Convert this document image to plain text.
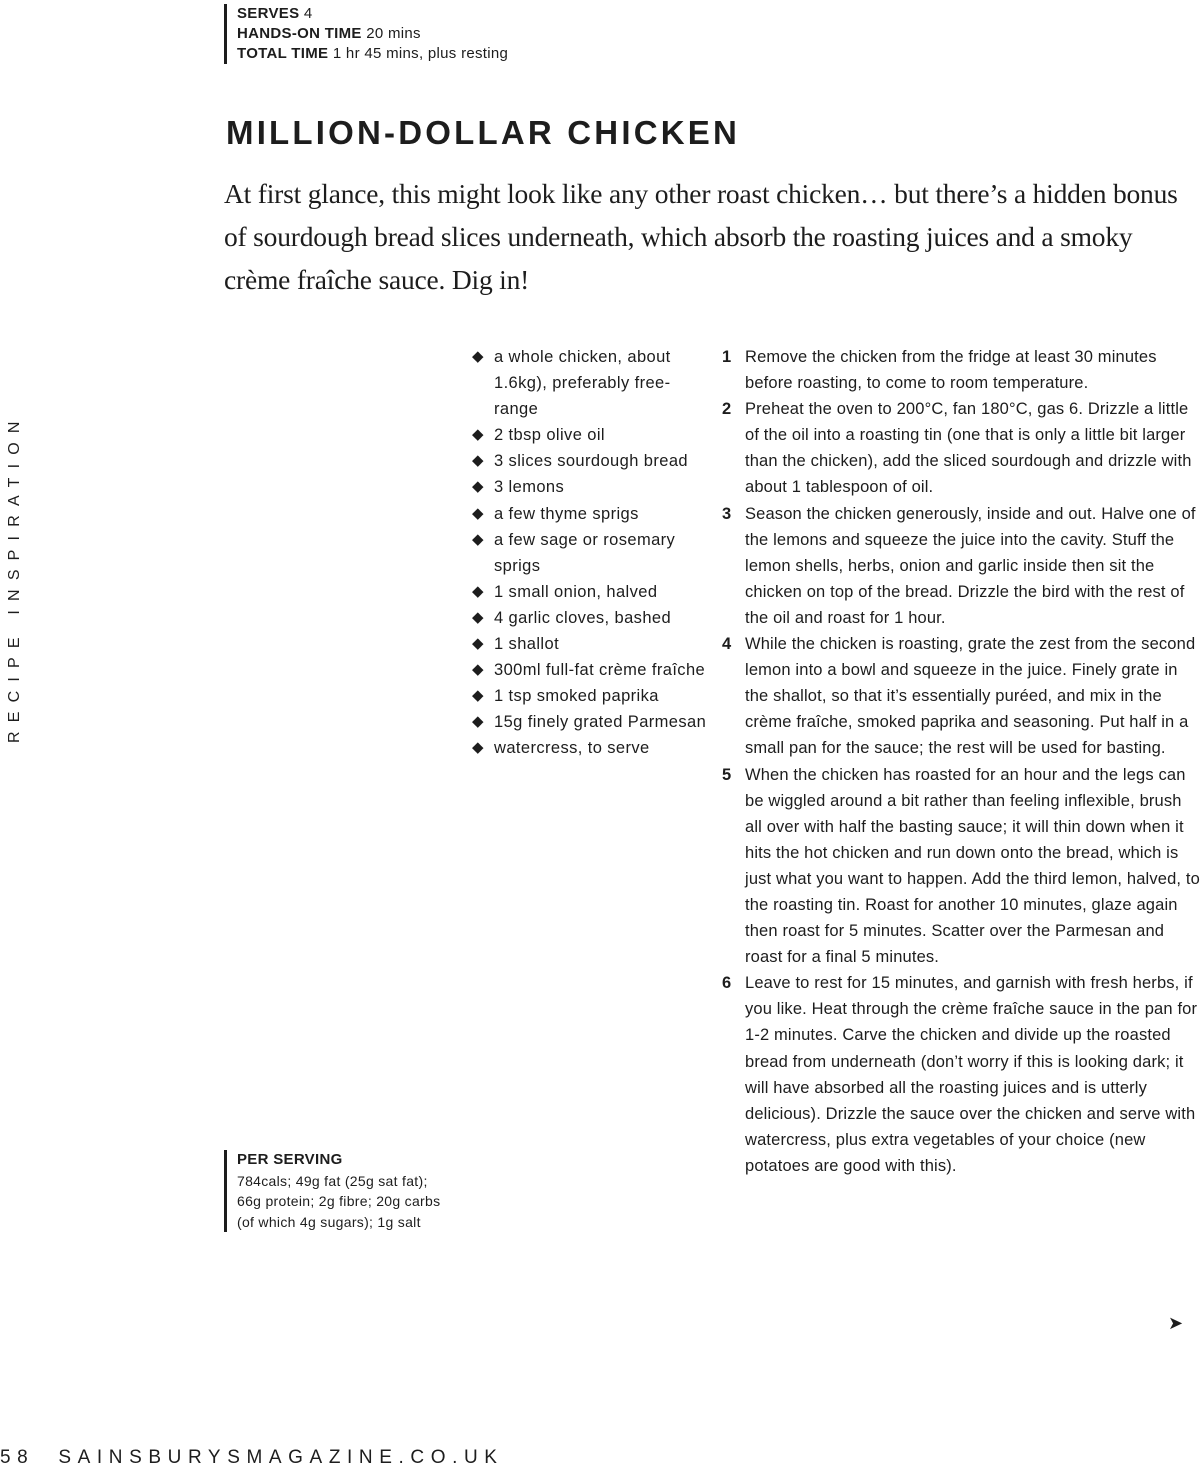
SERVES 4
HANDS-ON TIME 20 mins
TOTAL TIME 1 hr 45 mins, plus resting
MILLION-DOLLAR CHICKEN

At first glance, this might look like any other roast chicken… but there’s a hidden bonus of sourdough bread slices underneath, which absorb the roasting juices and a smoky crème fraîche sauce. Dig in!

RECIPE INSPIRATION
◆ a whole chicken, about 1.6kg), preferably free-range
◆ 2 tbsp olive oil
◆ 3 slices sourdough bread
◆ 3 lemons
◆ a few thyme sprigs
◆ a few sage or rosemary sprigs
◆ 1 small onion, halved
◆ 4 garlic cloves, bashed
◆ 1 shallot
◆ 300ml full-fat crème fraîche
◆ 1 tsp smoked paprika
◆ 15g finely grated Parmesan
◆ watercress, to serve
1 Remove the chicken from the fridge at least 30 minutes before roasting, to come to room temperature.
2 Preheat the oven to 200°C, fan 180°C, gas 6. Drizzle a little of the oil into a roasting tin (one that is only a little bit larger than the chicken), add the sliced sourdough and drizzle with about 1 tablespoon of oil.
3 Season the chicken generously, inside and out. Halve one of the lemons and squeeze the juice into the cavity. Stuff the lemon shells, herbs, onion and garlic inside then sit the chicken on top of the bread. Drizzle the bird with the rest of the oil and roast for 1 hour.
4 While the chicken is roasting, grate the zest from the second lemon into a bowl and squeeze in the juice. Finely grate in the shallot, so that it’s essentially puréed, and mix in the crème fraîche, smoked paprika and seasoning. Put half in a small pan for the sauce; the rest will be used for basting.
5 When the chicken has roasted for an hour and the legs can be wiggled around a bit rather than feeling inflexible, brush all over with half the basting sauce; it will thin down when it hits the hot chicken and run down onto the bread, which is just what you want to happen. Add the third lemon, halved, to the roasting tin. Roast for another 10 minutes, glaze again then roast for 5 minutes. Scatter over the Parmesan and roast for a final 5 minutes.
6 Leave to rest for 15 minutes, and garnish with fresh herbs, if you like. Heat through the crème fraîche sauce in the pan for 1-2 minutes. Carve the chicken and divide up the roasted bread from underneath (don’t worry if this is looking dark; it will have absorbed all the roasting juices and is utterly delicious). Drizzle the sauce over the chicken and serve with watercress, plus extra vegetables of your choice (new potatoes are good with this).
PER SERVING
784cals; 49g fat (25g sat fat);
66g protein; 2g fibre; 20g carbs
(of which 4g sugars); 1g salt
➤
58 SAINSBURYSMAGAZINE.CO.UK
